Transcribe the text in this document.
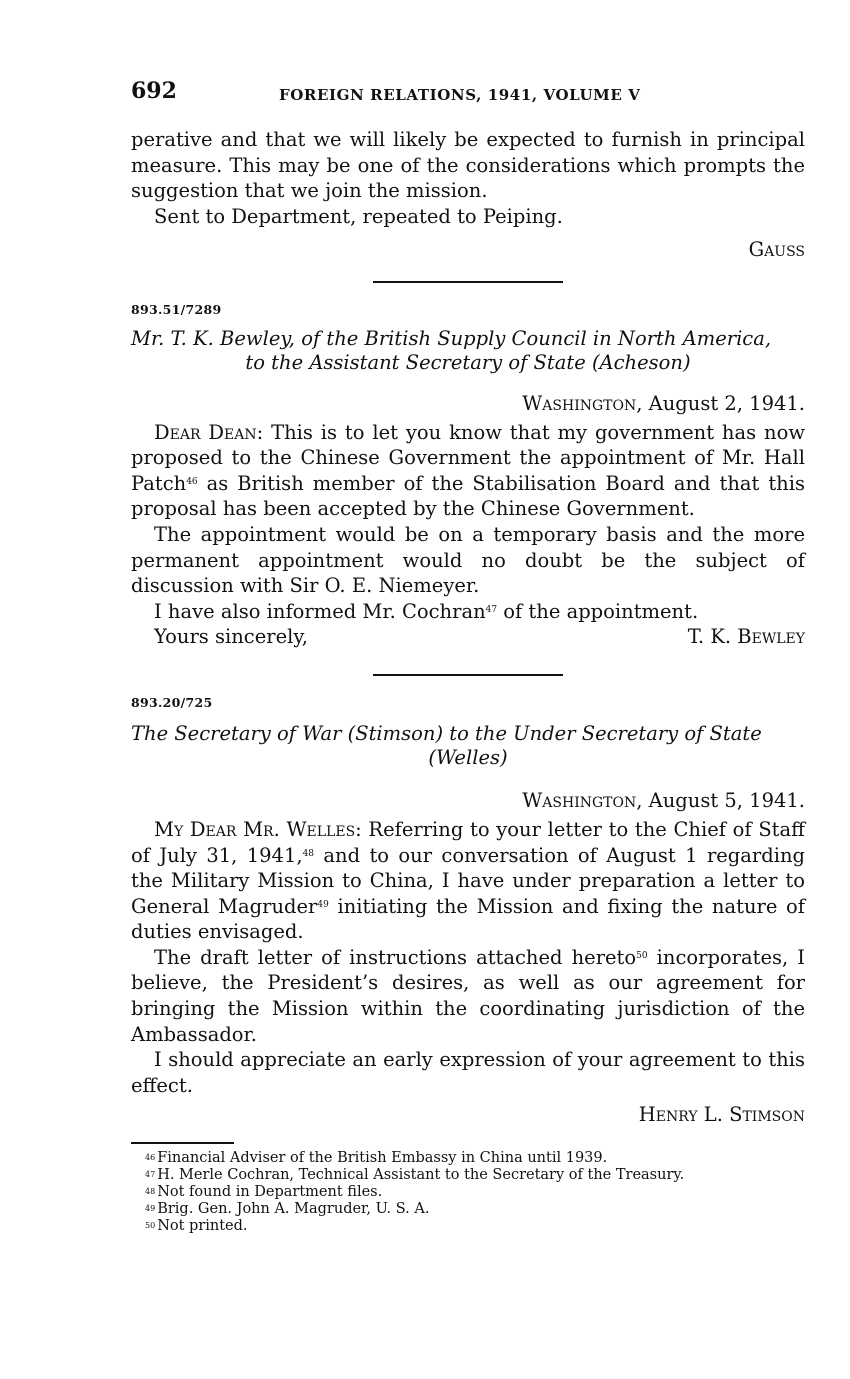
692	FOREIGN RELATIONS, 1941, VOLUME V

perative and that we will likely be expected to furnish in principal measure. This may be one of the considerations which prompts the suggestion that we join the mission.

Sent to Department, repeated to Peiping.

Gauss

893.51/7289
Mr. T. K. Bewley, of the British Supply Council in North America,
to the Assistant Secretary of State (Acheson)

Washington, August 2, 1941.

Dear Dean: This is to let you know that my government has now proposed to the Chinese Government the appointment of Mr. Hall Patch$^{46}$ as British member of the Stabilisation Board and that this proposal has been accepted by the Chinese Government.

The appointment would be on a temporary basis and the more permanent appointment would no doubt be the subject of discussion with Sir O. E. Niemeyer.

I have also informed Mr. Cochran$^{47}$ of the appointment.

Yours sincerely,	T. K. Bewley
893.20/725
The Secretary of War (Stimson) to the Under Secretary of State
(Welles)

Washington, August 5, 1941.

My Dear Mr. Welles: Referring to your letter to the Chief of Staff of July 31, 1941,48 and to our conversation of August 1 regarding the Military Mission to China, I have under preparation a letter to General Magruder$^{49}$ initiating the Mission and fixing the nature of duties envisaged.

The draft letter of instructions attached hereto$^{50}$ incorporates, I believe, the President’s desires, as well as our agreement for bringing the Mission within the coordinating jurisdiction of the Ambassador.

I should appreciate an early expression of your agreement to this effect.

Henry L. Stimson

$^{46}$ Financial Adviser of the British Embassy in China until 1939.

$^{47}$ H. Merle Cochran, Technical Assistant to the Secretary of the Treasury.

$^{48}$ Not found in Department files.

$^{49}$ Brig. Gen. John A. Magruder, U. S. A.

$^{50}$ Not printed.
